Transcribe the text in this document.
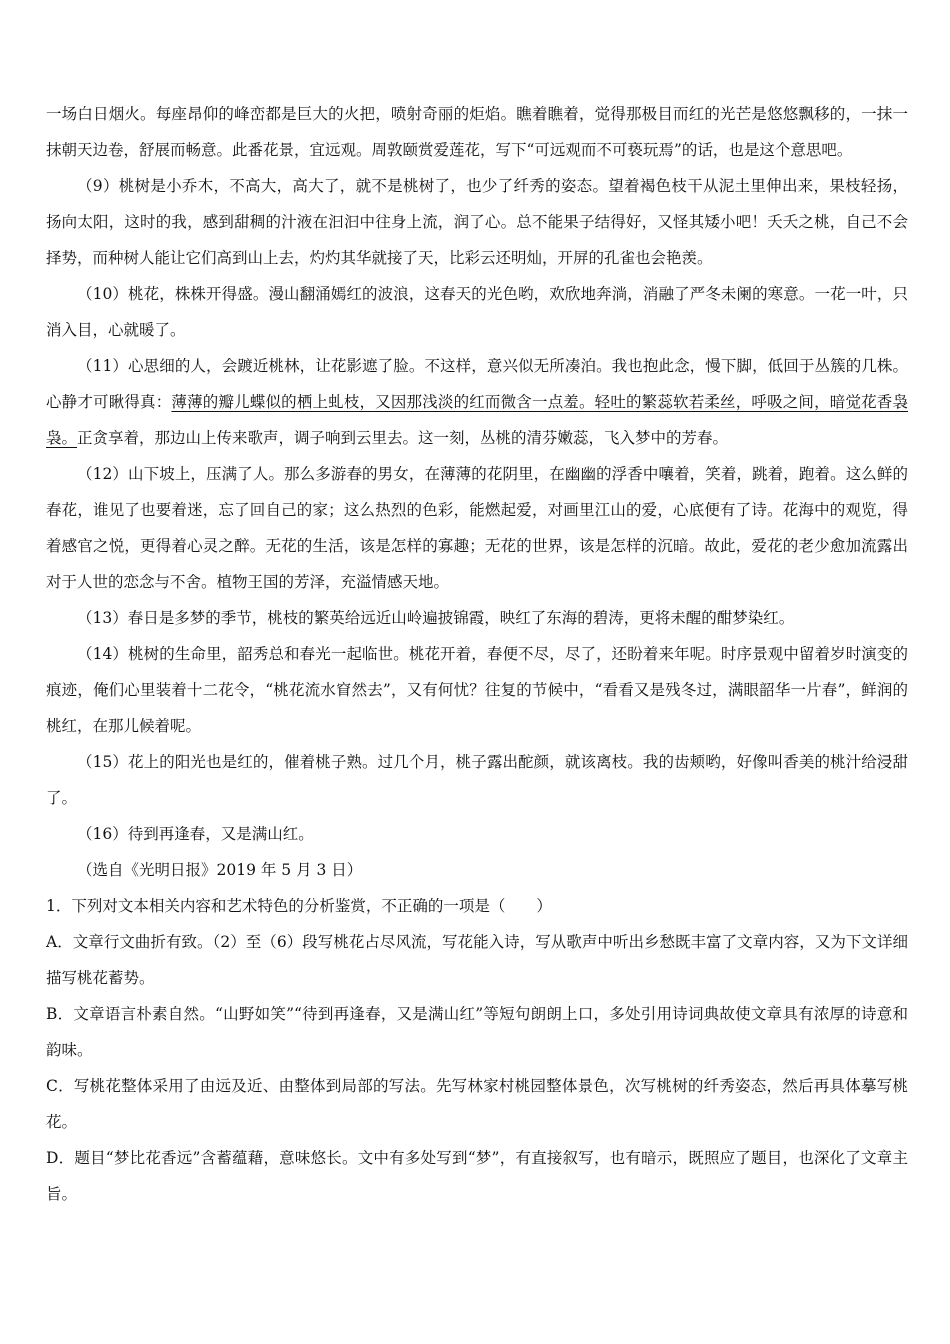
一场白日烟火。每座昂仰的峰峦都是巨大的火把，喷射奇丽的炬焰。瞧着瞧着，觉得那极目而红的光芒是悠悠飘移的，一抹一抹朝天边卷，舒展而畅意。此番花景，宜远观。周敦颐赏爱莲花，写下“可远观而不可亵玩焉”的话，也是这个意思吧。

（9）桃树是小乔木，不高大，高大了，就不是桃树了，也少了纤秀的姿态。望着褐色枝干从泥土里伸出来，果枝轻扬，扬向太阳，这时的我，感到甜稠的汁液在汩汩中往身上流，润了心。总不能果子结得好，又怪其矮小吧！夭夭之桃，自己不会择势，而种树人能让它们高到山上去，灼灼其华就接了天，比彩云还明灿，开屏的孔雀也会艳羡。

（10）桃花，株株开得盛。漫山翻涌嫣红的波浪，这春天的光色哟，欢欣地奔淌，消融了严冬未阑的寒意。一花一叶，只消入目，心就暖了。

（11）心思细的人，会踱近桃林，让花影遮了脸。不这样，意兴似无所凑泊。我也抱此念，慢下脚，低回于丛簇的几株。心静才可瞅得真：薄薄的瓣儿蝶似的栖上虬枝，又因那浅淡的红而微含一点羞。轻吐的繁蕊软若柔丝，呼吸之间，暗觉花香袅袅。正贪享着，那边山上传来歌声，调子响到云里去。这一刻，丛桃的清芬嫩蕊，飞入梦中的芳春。

（12）山下坡上，压满了人。那么多游春的男女，在薄薄的花阴里，在幽幽的浮香中嚷着，笑着，跳着，跑着。这么鲜的春花，谁见了也要着迷，忘了回自己的家；这么热烈的色彩，能燃起爱，对画里江山的爱，心底便有了诗。花海中的观览，得着感官之悦，更得着心灵之醉。无花的生活，该是怎样的寡趣；无花的世界，该是怎样的沉暗。故此，爱花的老少愈加流露出对于人世的恋念与不舍。植物王国的芳泽，充溢情感天地。

（13）春日是多梦的季节，桃枝的繁英给远近山岭遍披锦霞，映红了东海的碧涛，更将未醒的酣梦染红。

（14）桃树的生命里，韶秀总和春光一起临世。桃花开着，春便不尽，尽了，还盼着来年呢。时序景观中留着岁时演变的痕迹，俺们心里装着十二花令，“桃花流水窅然去”，又有何忧？往复的节候中，“看看又是残冬过，满眼韶华一片春”，鲜润的桃红，在那儿候着呢。

（15）花上的阳光也是红的，催着桃子熟。过几个月，桃子露出酡颜，就该离枝。我的齿颊哟，好像叫香美的桃汁给浸甜了。

（16）待到再逢春，又是满山红。

（选自《光明日报》2019 年 5 月 3 日）

1．下列对文本相关内容和艺术特色的分析鉴赏，不正确的一项是（　　）

A．文章行文曲折有致。（2）至（6）段写桃花占尽风流，写花能入诗，写从歌声中听出乡愁既丰富了文章内容，又为下文详细描写桃花蓄势。

B．文章语言朴素自然。“山野如笑”“待到再逢春，又是满山红”等短句朗朗上口，多处引用诗词典故使文章具有浓厚的诗意和韵味。

C．写桃花整体采用了由远及近、由整体到局部的写法。先写林家村桃园整体景色，次写桃树的纤秀姿态，然后再具体摹写桃花。

D．题目“梦比花香远”含蓄蕴藉，意味悠长。文中有多处写到“梦”，有直接叙写，也有暗示，既照应了题目，也深化了文章主旨。
